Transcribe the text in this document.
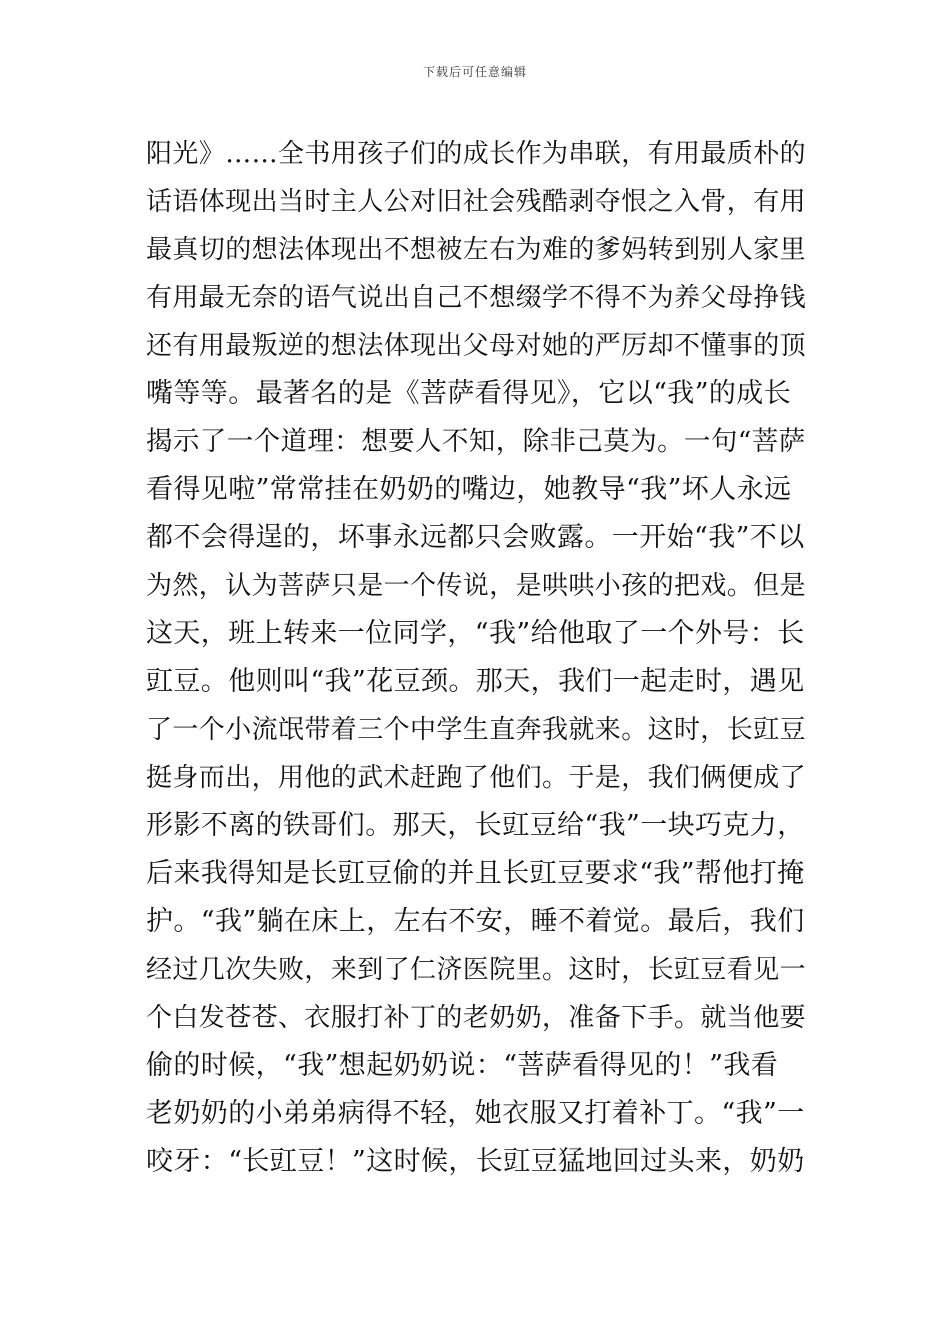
下载后可任意编辑
阳光》……全书用孩子们的成长作为串联，有用最质朴的
话语体现出当时主人公对旧社会残酷剥夺恨之入骨，有用
最真切的想法体现出不想被左右为难的爹妈转到别人家里
有用最无奈的语气说出自己不想缀学不得不为养父母挣钱
还有用最叛逆的想法体现出父母对她的严厉却不懂事的顶
嘴等等。最著名的是《菩萨看得见》，它以“我”的成长
揭示了一个道理：想要人不知，除非己莫为。一句“菩萨
看得见啦”常常挂在奶奶的嘴边，她教导“我”坏人永远
都不会得逞的，坏事永远都只会败露。一开始“我”不以
为然，认为菩萨只是一个传说，是哄哄小孩的把戏。但是
这天，班上转来一位同学，“我”给他取了一个外号：长
豇豆。他则叫“我”花豆颈。那天，我们一起走时，遇见
了一个小流氓带着三个中学生直奔我就来。这时，长豇豆
挺身而出，用他的武术赶跑了他们。于是，我们俩便成了
形影不离的铁哥们。那天，长豇豆给“我”一块巧克力，
后来我得知是长豇豆偷的并且长豇豆要求“我”帮他打掩
护。“我”躺在床上，左右不安，睡不着觉。最后，我们
经过几次失败，来到了仁济医院里。这时，长豇豆看见一
个白发苍苍、衣服打补丁的老奶奶，准备下手。就当他要
偷的时候，“我”想起奶奶说：“菩萨看得见的！”我看
老奶奶的小弟弟病得不轻，她衣服又打着补丁。“我”一
咬牙：“长豇豆！”这时候，长豇豆猛地回过头来，奶奶
